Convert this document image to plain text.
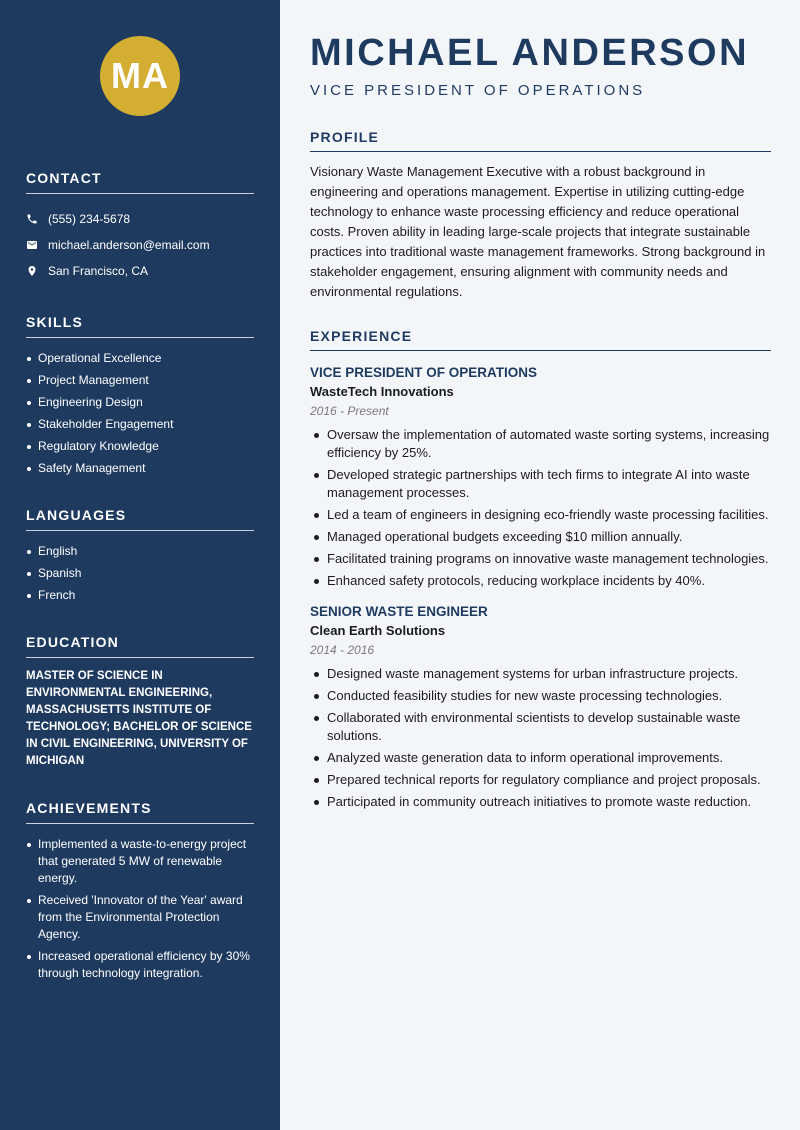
MA
CONTACT
(555) 234-5678
michael.anderson@email.com
San Francisco, CA
SKILLS
Operational Excellence
Project Management
Engineering Design
Stakeholder Engagement
Regulatory Knowledge
Safety Management
LANGUAGES
English
Spanish
French
EDUCATION
MASTER OF SCIENCE IN ENVIRONMENTAL ENGINEERING, MASSACHUSETTS INSTITUTE OF TECHNOLOGY; BACHELOR OF SCIENCE IN CIVIL ENGINEERING, UNIVERSITY OF MICHIGAN
ACHIEVEMENTS
Implemented a waste-to-energy project that generated 5 MW of renewable energy.
Received 'Innovator of the Year' award from the Environmental Protection Agency.
Increased operational efficiency by 30% through technology integration.
MICHAEL ANDERSON
VICE PRESIDENT OF OPERATIONS
PROFILE

Visionary Waste Management Executive with a robust background in engineering and operations management. Expertise in utilizing cutting-edge technology to enhance waste processing efficiency and reduce operational costs. Proven ability in leading large-scale projects that integrate sustainable practices into traditional waste management frameworks. Strong background in stakeholder engagement, ensuring alignment with community needs and environmental regulations.

EXPERIENCE
VICE PRESIDENT OF OPERATIONS
WasteTech Innovations
2016 - Present
Oversaw the implementation of automated waste sorting systems, increasing efficiency by 25%.
Developed strategic partnerships with tech firms to integrate AI into waste management processes.
Led a team of engineers in designing eco-friendly waste processing facilities.
Managed operational budgets exceeding $10 million annually.
Facilitated training programs on innovative waste management technologies.
Enhanced safety protocols, reducing workplace incidents by 40%.
SENIOR WASTE ENGINEER
Clean Earth Solutions
2014 - 2016
Designed waste management systems for urban infrastructure projects.
Conducted feasibility studies for new waste processing technologies.
Collaborated with environmental scientists to develop sustainable waste solutions.
Analyzed waste generation data to inform operational improvements.
Prepared technical reports for regulatory compliance and project proposals.
Participated in community outreach initiatives to promote waste reduction.
